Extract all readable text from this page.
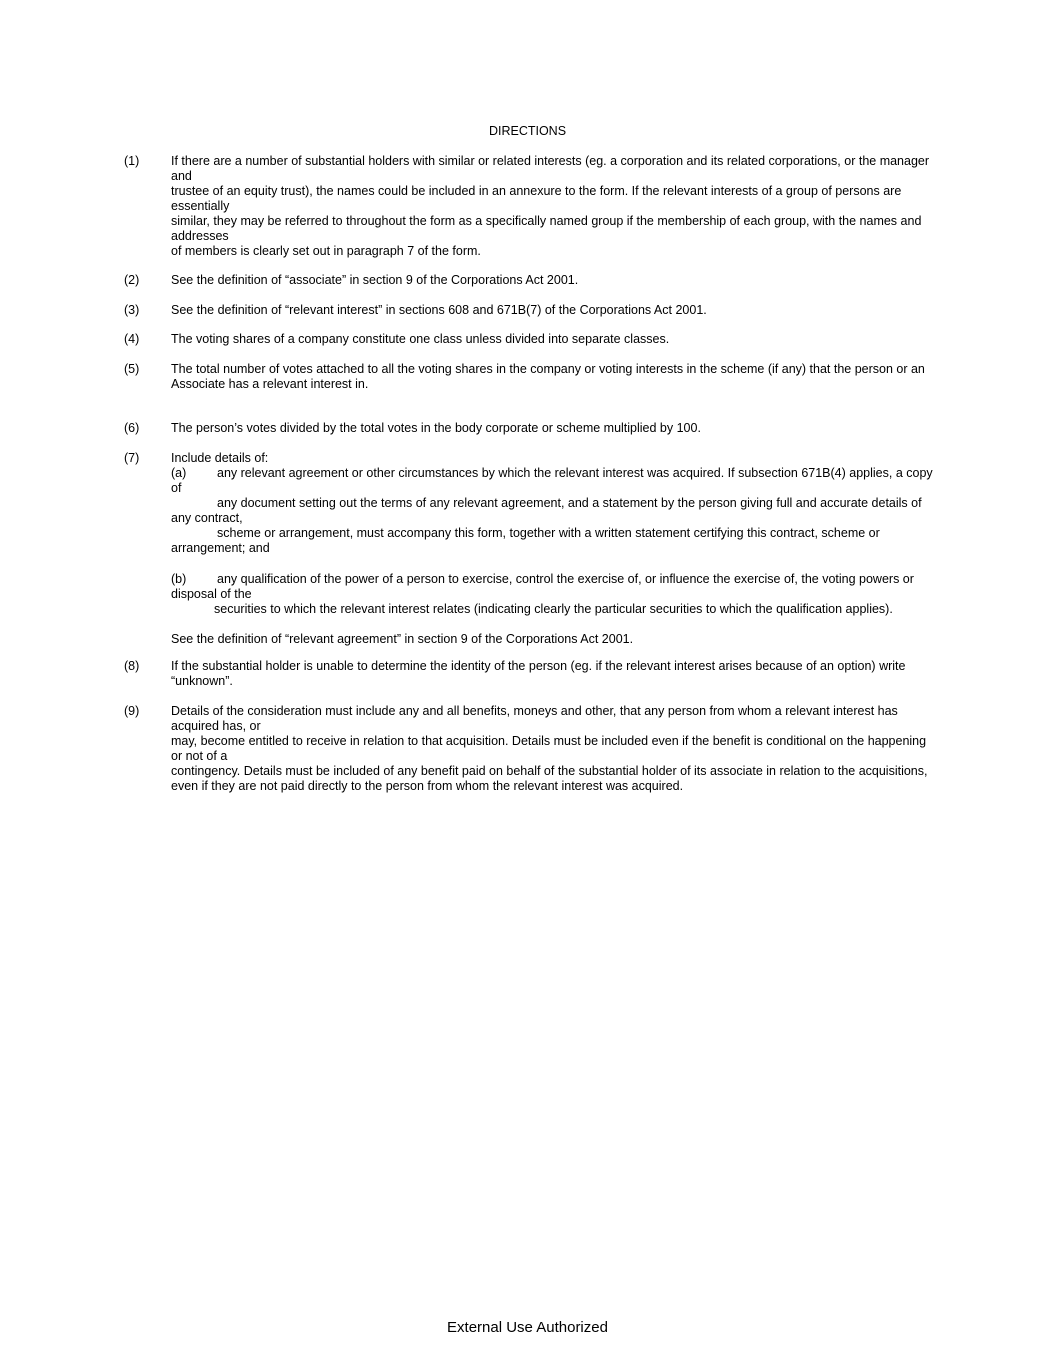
DIRECTIONS
(1)	If there are a number of substantial holders with similar or related interests (eg. a corporation and its related corporations, or the manager and
trustee of an equity trust), the names could be included in an annexure to the form. If the relevant interests of a group of persons are essentially
similar, they may be referred to throughout the form as a specifically named group if the membership of each group, with the names and addresses
of members is clearly set out in paragraph 7 of the form.
(2)	See the definition of “associate” in section 9 of the Corporations Act 2001.
(3)	See the definition of “relevant interest” in sections 608 and 671B(7) of the Corporations Act 2001.
(4)	The voting shares of a company constitute one class unless divided into separate classes.
(5)	The total number of votes attached to all the voting shares in the company or voting interests in the scheme (if any) that the person or an
Associate has a relevant interest in.
(6)	The person’s votes divided by the total votes in the body corporate or scheme multiplied by 100.
(7)	Include details of:
(a) any relevant agreement or other circumstances by which the relevant interest was acquired. If subsection 671B(4) applies, a copy of
any document setting out the terms of any relevant agreement, and a statement by the person giving full and accurate details of any contract,
scheme or arrangement, must accompany this form, together with a written statement certifying this contract, scheme or arrangement; and
(b) any qualification of the power of a person to exercise, control the exercise of, or influence the exercise of, the voting powers or disposal of the
securities to which the relevant interest relates (indicating clearly the particular securities to which the qualification applies).
See the definition of “relevant agreement” in section 9 of the Corporations Act 2001.
(8)	If the substantial holder is unable to determine the identity of the person (eg. if the relevant interest arises because of an option) write “unknown”.
(9)	Details of the consideration must include any and all benefits, moneys and other, that any person from whom a relevant interest has acquired has, or
may, become entitled to receive in relation to that acquisition. Details must be included even if the benefit is conditional on the happening or not of a
contingency. Details must be included of any benefit paid on behalf of the substantial holder of its associate in relation to the acquisitions, even if they are not paid directly to the person from whom the relevant interest was acquired.
External Use Authorized
